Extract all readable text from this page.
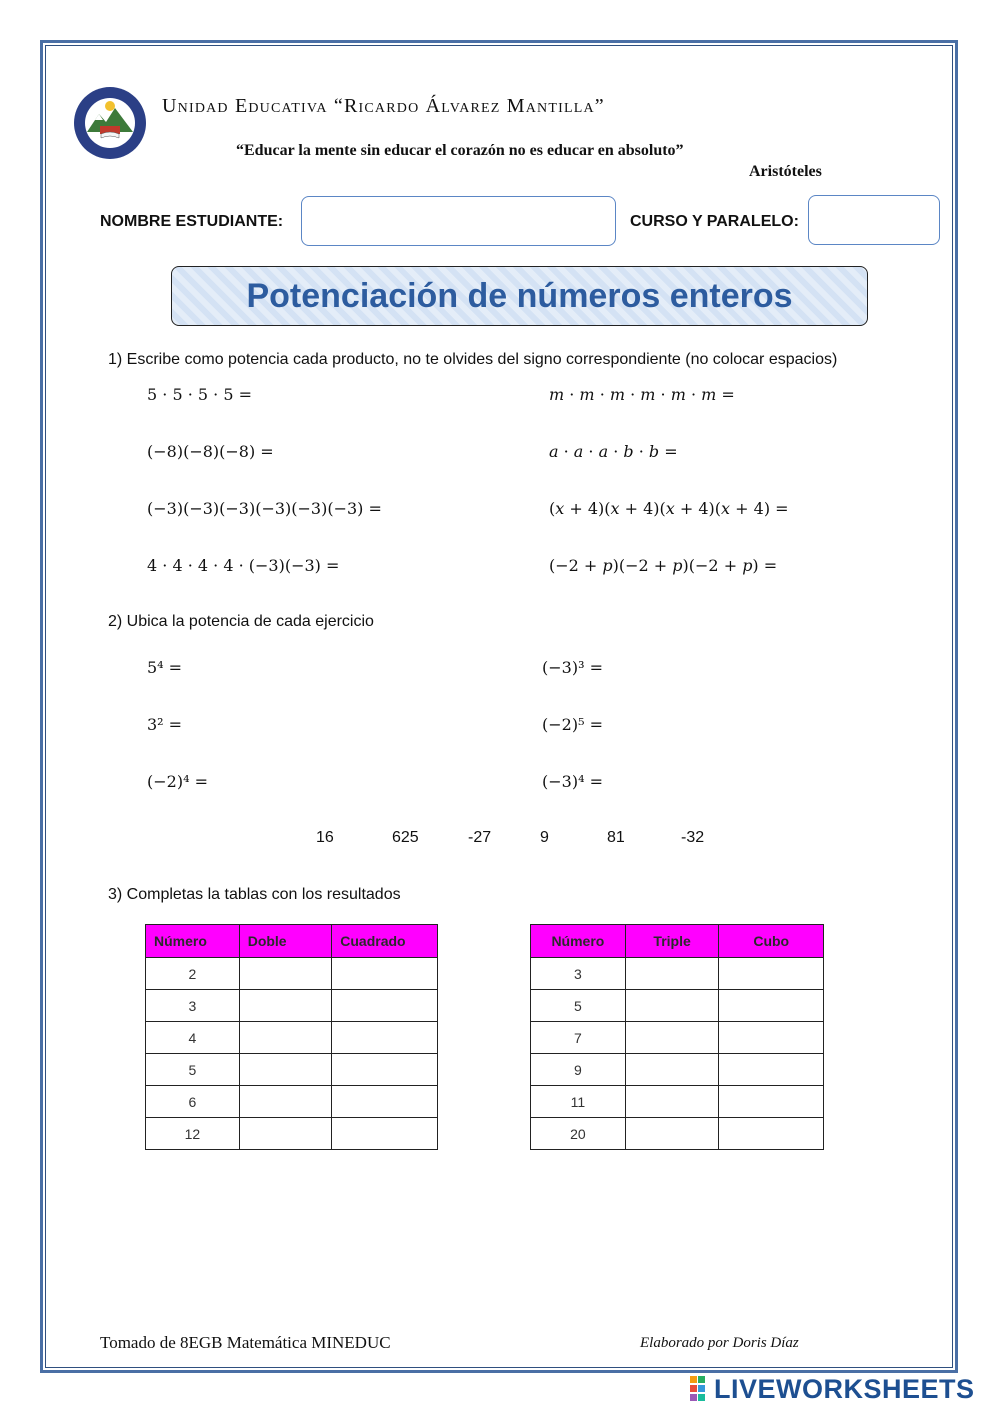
Unidad Educativa “Ricardo Álvarez Mantilla”
“Educar la mente sin educar el corazón no es educar en absoluto”
Aristóteles
NOMBRE ESTUDIANTE:	CURSO Y PARALELO:
Potenciación de números enteros
1) Escribe como potencia cada producto, no te olvides del signo correspondiente (no colocar espacios)
5 · 5 · 5 · 5 =
(−8)(−8)(−8) =
(−3)(−3)(−3)(−3)(−3)(−3) =
4 · 4 · 4 · 4 · (−3)(−3) =
𝑚 · 𝑚 · 𝑚 · 𝑚 · 𝑚 · 𝑚 =
𝑎 · 𝑎 · 𝑎 · 𝑏 · 𝑏 =
(𝑥 + 4)(𝑥 + 4)(𝑥 + 4)(𝑥 + 4) =
(−2 + 𝑝)(−2 + 𝑝)(−2 + 𝑝) =
2) Ubica la potencia de cada ejercicio
5⁴ =
3² =
(−2)⁴ =
(−3)³ =
(−2)⁵ =
(−3)⁴ =
16	625	-27	9	81	-32
3) Completas la tablas con los resultados
Número	Doble	Cuadrado
2		
3		
4		
5		
6		
12		
Número	Triple	Cubo
3		
5		
7		
9		
11		
20		
Tomado de 8EGB Matemática MINEDUC	Elaborado por Doris Díaz
LIVEWORKSHEETS
